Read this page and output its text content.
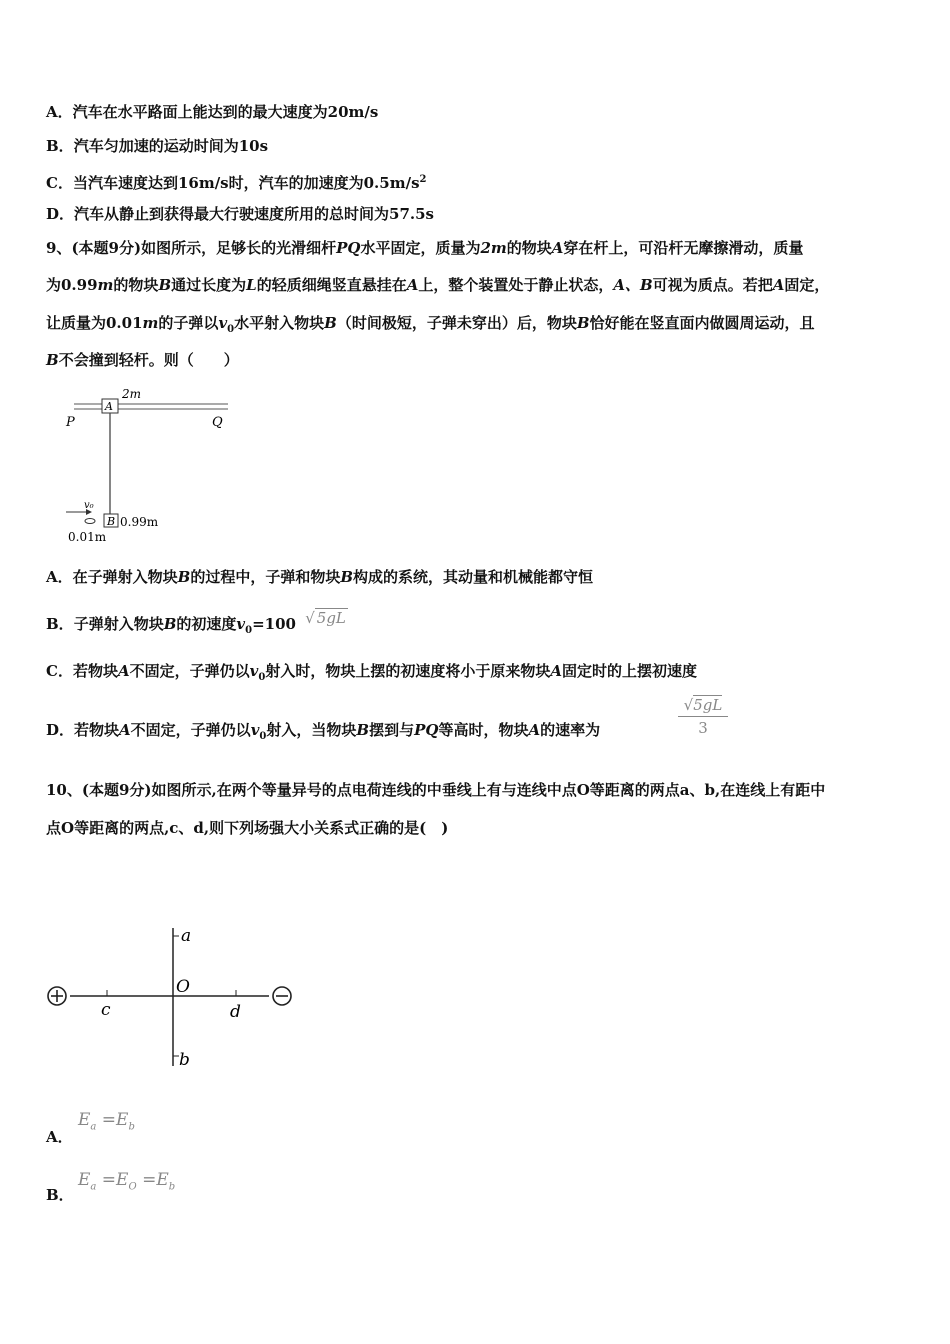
A．汽车在水平路面上能达到的最大速度为20m/s
B．汽车匀加速的运动时间为10s
C．当汽车速度达到16m/s时，汽车的加速度为$0.5m/s^2$
D．汽车从静止到获得最大行驶速度所用的总时间为57.5s
9、(本题9分)如图所示，足够长的光滑细杆PQ水平固定，质量为2m的物块A穿在杆上，可沿杆无摩擦滑动，质量
为0.99m的物块B通过长度为L的轻质细绳竖直悬挂在A上，整个装置处于静止状态，A、B可视为质点。若把A固定，
让质量为0.01m的子弹以$v_0$水平射入物块B（时间极短，子弹未穿出）后，物块B恰好能在竖直面内做圆周运动，且
B不会撞到轻杆。则（　　）
A
2m
P	Q
B 0.99m
v₀
0.01m
A．在子弹射入物块B的过程中，子弹和物块B构成的系统，其动量和机械能都守恒
B．子弹射入物块B的初速度$v_0=100$ √ 5gL
C．若物块A不固定，子弹仍以$v_0$射入时，物块上摆的初速度将小于原来物块A固定时的上摆初速度
D．若物块A不固定，子弹仍以$v_0$射入，当物块B摆到与PQ等高时，物块A的速率为
√5gL
3
10、(本题9分)如图所示,在两个等量异号的点电荷连线的中垂线上有与连线中点O等距离的两点a、b,在连线上有距中
点O等距离的两点,c、d,则下列场强大小关系式正确的是(　)
a
b
c	d
O
A．
$E_a =E_b$
B．
$E_a =E_O =E_b$
